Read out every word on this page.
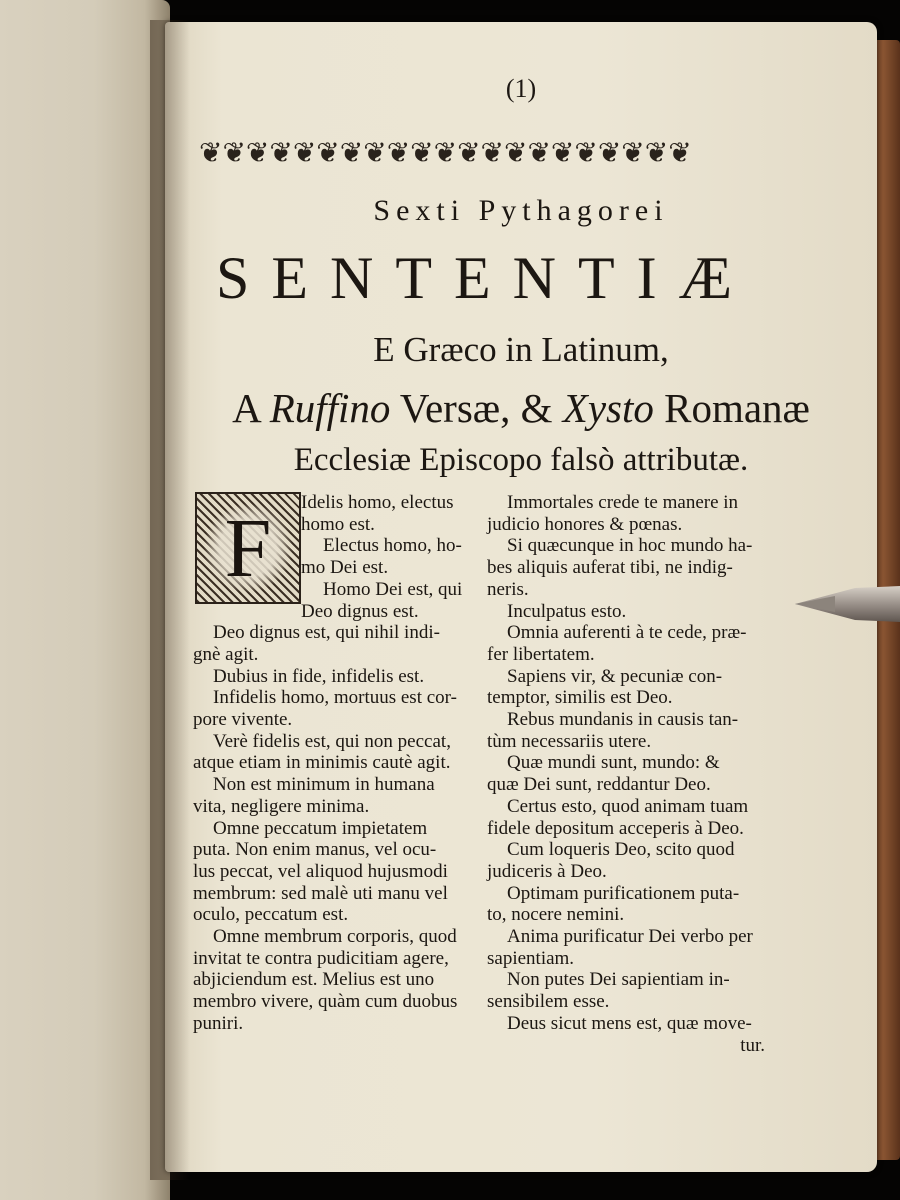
(1)
❦❦❦❦❦❦❦❦❦❦❦❦❦❦❦❦❦❦❦❦❦
Sexti Pythagorei
SENTENTIÆ
E Græco in Latinum,
A Ruffino Versæ, & Xysto Romanæ
Ecclesiæ Episcopo falsò attributæ.
F	Idelis homo, electus

homo est.

Electus homo, ho-

mo Dei est.

Homo Dei est, qui

Deo dignus est.

Deo dignus est, qui nihil indi-

gnè agit.

Dubius in fide, infidelis est.

Infidelis homo, mortuus est cor-

pore vivente.

Verè fidelis est, qui non peccat,

atque etiam in minimis cautè agit.

Non est minimum in humana

vita, negligere minima.

Omne peccatum impietatem

puta. Non enim manus, vel ocu-

lus peccat, vel aliquod hujusmodi

membrum: sed malè uti manu vel

oculo, peccatum est.

Omne membrum corporis, quod

invitat te contra pudicitiam agere,

abjiciendum est. Melius est uno

membro vivere, quàm cum duobus

puniri.

Immortales crede te manere in

judicio honores & pœnas.

Si quæcunque in hoc mundo ha-

bes aliquis auferat tibi, ne indig-

neris.

Inculpatus esto.

Omnia auferenti à te cede, præ-

fer libertatem.

Sapiens vir, & pecuniæ con-

temptor, similis est Deo.

Rebus mundanis in causis tan-

tùm necessariis utere.

Quæ mundi sunt, mundo: &

quæ Dei sunt, reddantur Deo.

Certus esto, quod animam tuam

fidele depositum acceperis à Deo.

Cum loqueris Deo, scito quod

judiceris à Deo.

Optimam purificationem puta-

to, nocere nemini.

Anima purificatur Dei verbo per

sapientiam.

Non putes Dei sapientiam in-

sensibilem esse.

Deus sicut mens est, quæ move-

tur.
